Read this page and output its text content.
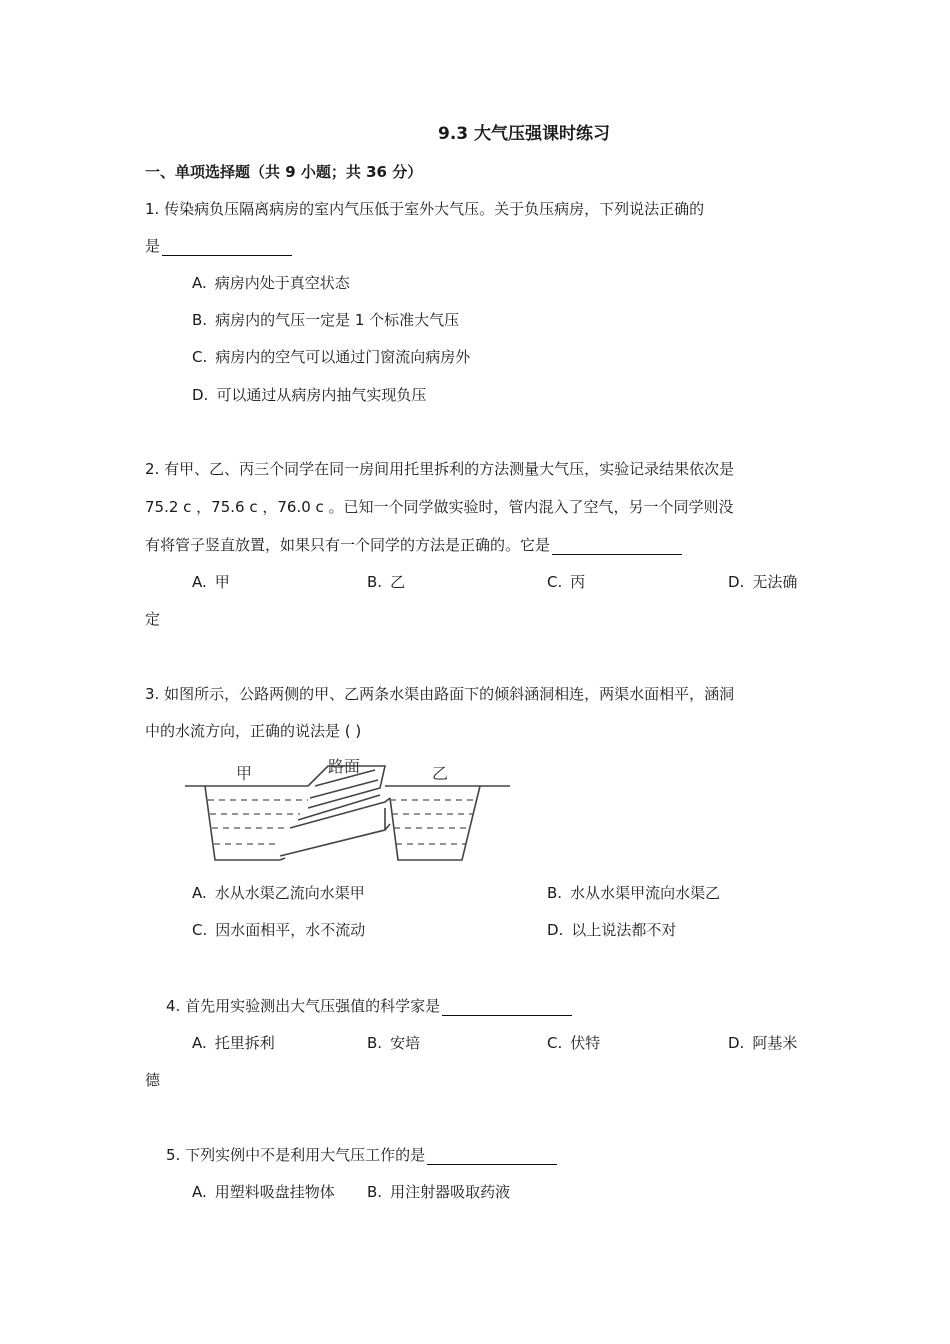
9.3 大气压强课时练习
一、单项选择题（共 9 小题；共 36 分）
1. 传染病负压隔离病房的室内气压低于室外大气压。关于负压病房，下列说法正确的
是
A. 病房内处于真空状态
B. 病房内的气压一定是 1 个标准大气压
C. 病房内的空气可以通过门窗流向病房外
D. 可以通过从病房内抽气实现负压
2. 有甲、乙、丙三个同学在同一房间用托里拆利的方法测量大气压，实验记录结果依次是
75.2 c ，75.6 c ，76.0 c 。已知一个同学做实验时，管内混入了空气，另一个同学则没
有将管子竖直放置，如果只有一个同学的方法是正确的。它是
A. 甲	B. 乙	C. 丙	D. 无法确
定
3. 如图所示，公路两侧的甲、乙两条水渠由路面下的倾斜涵洞相连，两渠水面相平，涵洞
中的水流方向，正确的说法是 ( )
甲	路面	乙
A. 水从水渠乙流向水渠甲	B. 水从水渠甲流向水渠乙
C. 因水面相平，水不流动	D. 以上说法都不对
4. 首先用实验测出大气压强值的科学家是
A. 托里拆利	B. 安培	C. 伏特	D. 阿基米
德
5. 下列实例中不是利用大气压工作的是
A. 用塑料吸盘挂物体 B. 用注射器吸取药液
